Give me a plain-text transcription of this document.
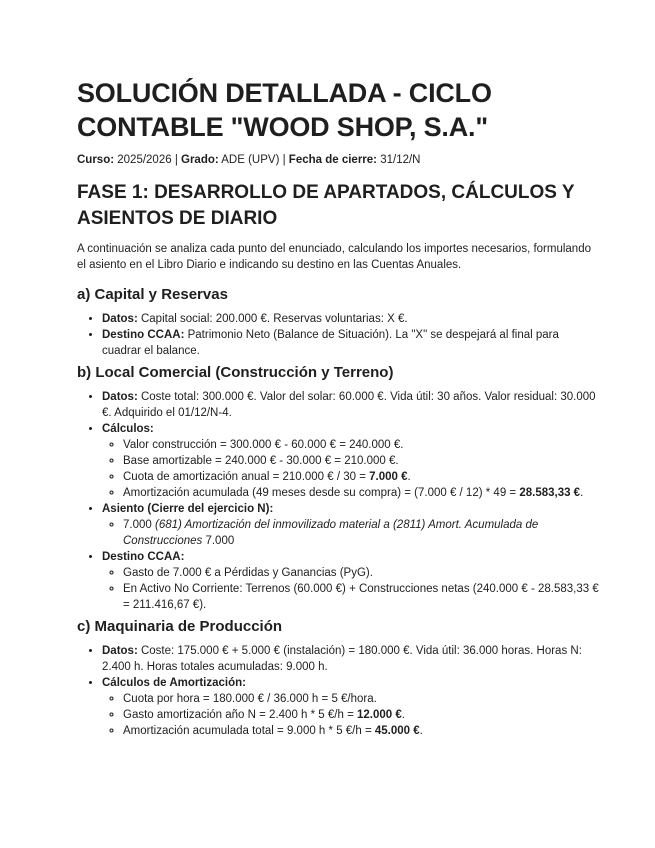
SOLUCIÓN DETALLADA - CICLO CONTABLE "WOOD SHOP, S.A."

Curso: 2025/2026 | Grado: ADE (UPV) | Fecha de cierre: 31/12/N

FASE 1: DESARROLLO DE APARTADOS, CÁLCULOS Y ASIENTOS DE DIARIO

A continuación se analiza cada punto del enunciado, calculando los importes necesarios, formulando el asiento en el Libro Diario e indicando su destino en las Cuentas Anuales.

a) Capital y Reservas
• Datos: Capital social: 200.000 €. Reservas voluntarias: X €.
• Destino CCAA: Patrimonio Neto (Balance de Situación). La "X" se despejará al final para cuadrar el balance.
b) Local Comercial (Construcción y Terreno)
• Datos: Coste total: 300.000 €. Valor del solar: 60.000 €. Vida útil: 30 años. Valor residual: 30.000 €. Adquirido el 01/12/N-4.
• Cálculos:
◦ Valor construcción = 300.000 € - 60.000 € = 240.000 €.
◦ Base amortizable = 240.000 € - 30.000 € = 210.000 €.
◦ Cuota de amortización anual = 210.000 € / 30 = 7.000 €.
◦ Amortización acumulada (49 meses desde su compra) = (7.000 € / 12) * 49 = 28.583,33 €.
• Asiento (Cierre del ejercicio N):
◦ 7.000 (681) Amortización del inmovilizado material a (2811) Amort. Acumulada de Construcciones 7.000
• Destino CCAA:
◦ Gasto de 7.000 € a Pérdidas y Ganancias (PyG).
◦ En Activo No Corriente: Terrenos (60.000 €) + Construcciones netas (240.000 € - 28.583,33 € = 211.416,67 €).
c) Maquinaria de Producción
• Datos: Coste: 175.000 € + 5.000 € (instalación) = 180.000 €. Vida útil: 36.000 horas. Horas N: 2.400 h. Horas totales acumuladas: 9.000 h.
• Cálculos de Amortización:
◦ Cuota por hora = 180.000 € / 36.000 h = 5 €/hora.
◦ Gasto amortización año N = 2.400 h * 5 €/h = 12.000 €.
◦ Amortización acumulada total = 9.000 h * 5 €/h = 45.000 €.
